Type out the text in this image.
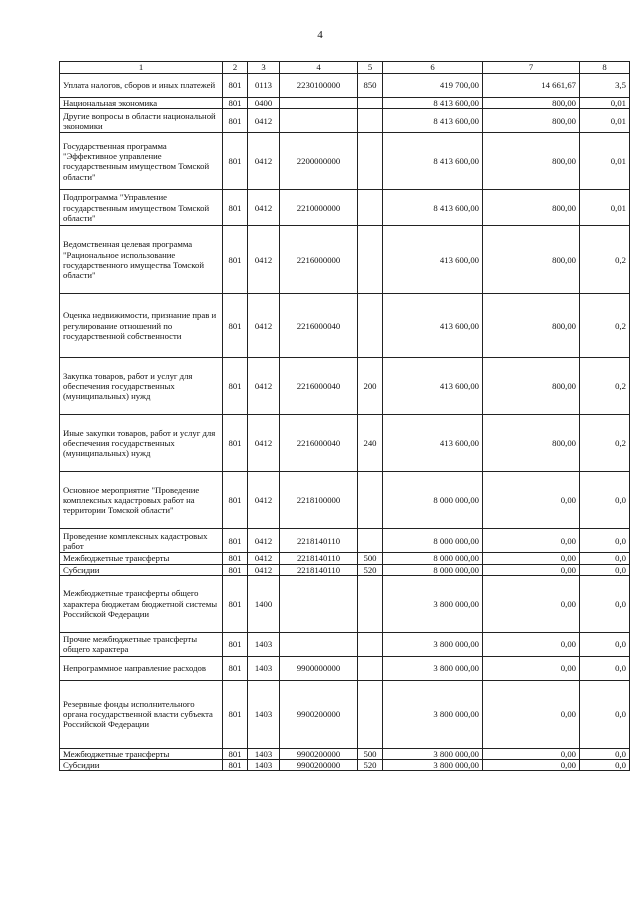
4
1	2	3	4	5	6	7	8
Уплата налогов, сборов и иных платежей	801	0113	2230100000	850	419 700,00	14 661,67	3,5
Национальная экономика	801	0400			8 413 600,00	800,00	0,01
Другие вопросы в области национальной экономики	801	0412			8 413 600,00	800,00	0,01
Государственная программа "Эффективное управление государственным имуществом Томской области"	801	0412	2200000000		8 413 600,00	800,00	0,01
Подпрограмма "Управление государственным имуществом Томской области"	801	0412	2210000000		8 413 600,00	800,00	0,01
Ведомственная целевая программа "Рациональное использование государственного имущества Томской области"	801	0412	2216000000		413 600,00	800,00	0,2
Оценка недвижимости, признание прав и регулирование отношений по государственной собственности	801	0412	2216000040		413 600,00	800,00	0,2
Закупка товаров, работ и услуг для обеспечения государственных (муниципальных) нужд	801	0412	2216000040	200	413 600,00	800,00	0,2
Иные закупки товаров, работ и услуг для обеспечения государственных (муниципальных) нужд	801	0412	2216000040	240	413 600,00	800,00	0,2
Основное мероприятие "Проведение комплексных кадастровых работ на территории Томской области"	801	0412	2218100000		8 000 000,00	0,00	0,0
Проведение комплексных кадастровых работ	801	0412	2218140110		8 000 000,00	0,00	0,0
Межбюджетные трансферты	801	0412	2218140110	500	8 000 000,00	0,00	0,0
Субсидии	801	0412	2218140110	520	8 000 000,00	0,00	0,0
Межбюджетные трансферты общего характера бюджетам бюджетной системы Российской Федерации	801	1400			3 800 000,00	0,00	0,0
Прочие межбюджетные трансферты общего характера	801	1403			3 800 000,00	0,00	0,0
Непрограммное направление расходов	801	1403	9900000000		3 800 000,00	0,00	0,0
Резервные фонды исполнительного органа государственной власти субъекта Российской Федерации	801	1403	9900200000		3 800 000,00	0,00	0,0
Межбюджетные трансферты	801	1403	9900200000	500	3 800 000,00	0,00	0,0
Субсидии	801	1403	9900200000	520	3 800 000,00	0,00	0,0
